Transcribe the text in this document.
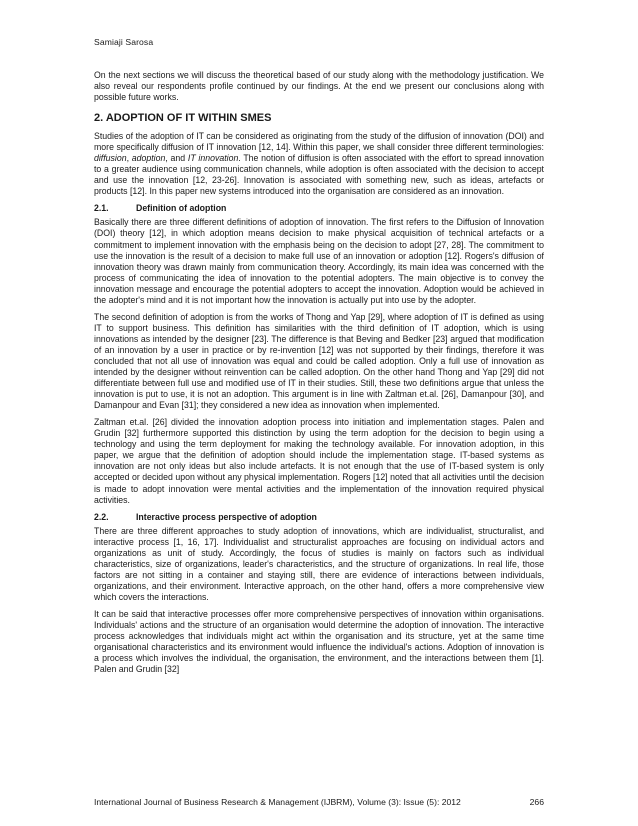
Samiaji Sarosa

On the next sections we will discuss the theoretical based of our study along with the methodology justification. We also reveal our respondents profile continued by our findings. At the end we present our conclusions along with possible future works.

2. ADOPTION OF IT WITHIN SMES

Studies of the adoption of IT can be considered as originating from the study of the diffusion of innovation (DOI) and more specifically diffusion of IT innovation [12, 14]. Within this paper, we shall consider three different terminologies: diffusion, adoption, and IT innovation. The notion of diffusion is often associated with the effort to spread innovation to a greater audience using communication channels, while adoption is often associated with the decision to accept and use the innovation [12, 23-26]. Innovation is associated with something new, such as ideas, artefacts or products [12]. In this paper new systems introduced into the organisation are considered as an innovation.

2.1.	Definition of adoption

Basically there are three different definitions of adoption of innovation. The first refers to the Diffusion of Innovation (DOI) theory [12], in which adoption means decision to make physical acquisition of technical artefacts or a commitment to implement innovation with the emphasis being on the decision to adopt [27, 28]. The commitment to use the innovation is the result of a decision to make full use of an innovation or adoption [12]. Rogers's diffusion of innovation theory was drawn mainly from communication theory. Accordingly, its main idea was concerned with the process of communicating the idea of innovation to the potential adopters. The main objective is to convey the innovation message and encourage the potential adopters to accept the innovation. Adoption would be achieved in the adopter's mind and it is not important how the innovation is actually put into use by the adopter.

The second definition of adoption is from the works of Thong and Yap [29], where adoption of IT is defined as using IT to support business. This definition has similarities with the third definition of IT adoption, which is using innovations as intended by the designer [23]. The difference is that Beving and Bedker [23] argued that modification of an innovation by a user in practice or by re-invention [12] was not supported by their findings, therefore it was concluded that not all use of innovation was equal and could be called adoption. Only a full use of innovation as intended by the designer without reinvention can be called adoption. On the other hand Thong and Yap [29] did not differentiate between full use and modified use of IT in their studies. Still, these two definitions argue that unless the innovation is put to use, it is not an adoption. This argument is in line with Zaltman et.al. [26], Damanpour [30], and Damanpour and Evan [31]; they considered a new idea as innovation when implemented.

Zaltman et.al. [26] divided the innovation adoption process into initiation and implementation stages. Palen and Grudin [32] furthermore supported this distinction by using the term adoption for the decision to begin using a technology and using the term deployment for making the technology available. For innovation adoption, in this paper, we argue that the definition of adoption should include the implementation stage. IT-based systems as innovation are not only ideas but also include artefacts. It is not enough that the use of IT-based system is only accepted or decided upon without any physical implementation. Rogers [12] noted that all activities until the decision is made to adopt innovation were mental activities and the implementation of the innovation required physical activities.

2.2.	Interactive process perspective of adoption

There are three different approaches to study adoption of innovations, which are individualist, structuralist, and interactive process [1, 16, 17]. Individualist and structuralist approaches are focusing on individual actors and organizations as unit of study. Accordingly, the focus of studies is mainly on factors such as individual characteristics, size of organizations, leader's characteristics, and the structure of organizations. In real life, those factors are not sitting in a container and staying still, there are evidence of interactions between individuals, organizations, and their environment. Interactive approach, on the other hand, offers a more comprehensive view which covers the interactions.

It can be said that interactive processes offer more comprehensive perspectives of innovation within organisations. Individuals' actions and the structure of an organisation would determine the adoption of innovation. The interactive process acknowledges that individuals might act within the organisation and its structure, yet at the same time organisational characteristics and its environment would influence the individual's actions. Adoption of innovation is a process which involves the individual, the organisation, the environment, and the interactions between them [1]. Palen and Grudin [32]

International Journal of Business Research & Management (IJBRM), Volume (3): Issue (5): 2012	266
